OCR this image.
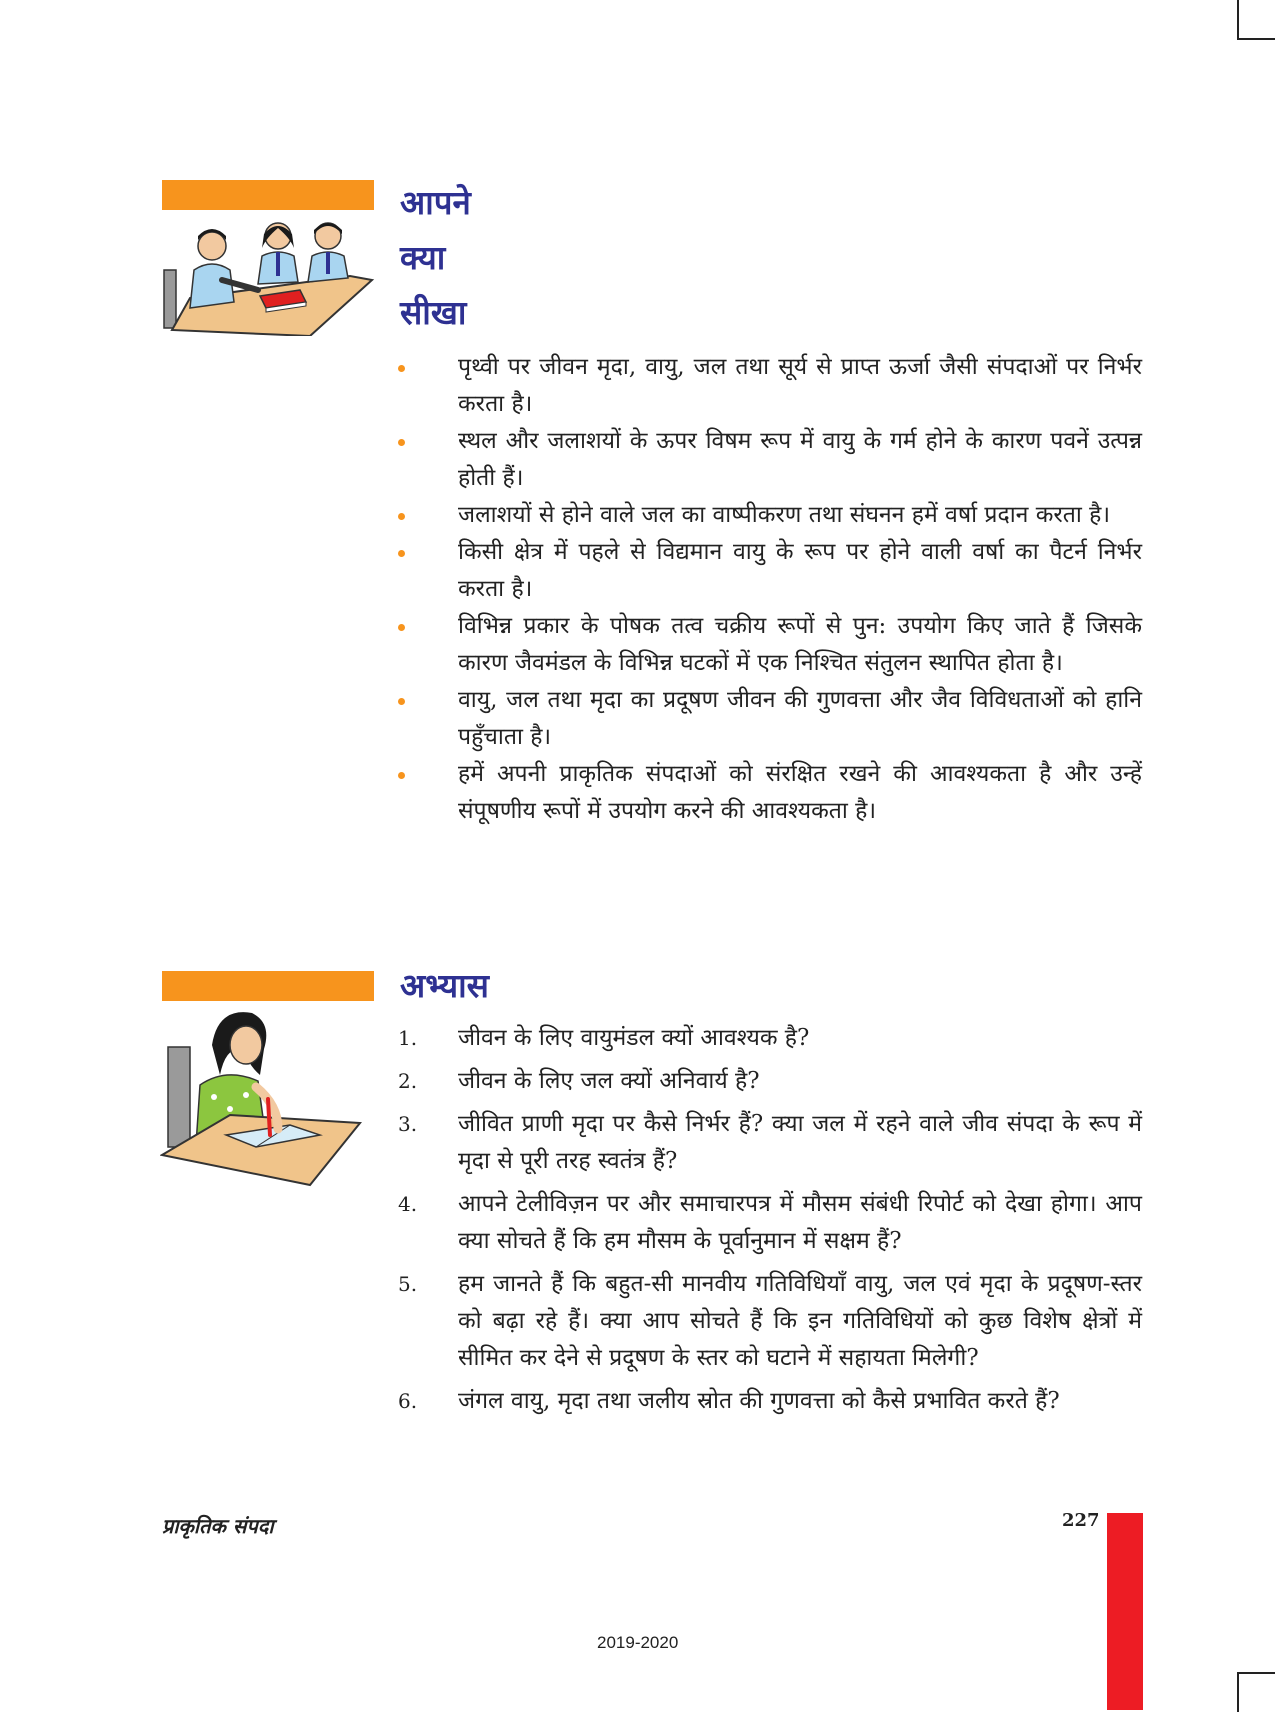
आपने
क्या
सीखा
पृथ्वी पर जीवन मृदा, वायु, जल तथा सूर्य से प्राप्त ऊर्जा जैसी संपदाओं पर निर्भर करता है।
स्थल और जलाशयों के ऊपर विषम रूप में वायु के गर्म होने के कारण पवनें उत्पन्न होती हैं।
जलाशयों से होने वाले जल का वाष्पीकरण तथा संघनन हमें वर्षा प्रदान करता है।
किसी क्षेत्र में पहले से विद्यमान वायु के रूप पर होने वाली वर्षा का पैटर्न निर्भर करता है।
विभिन्न प्रकार के पोषक तत्व चक्रीय रूपों से पुन: उपयोग किए जाते हैं जिसके कारण जैवमंडल के विभिन्न घटकों में एक निश्चित संतुलन स्थापित होता है।
वायु, जल तथा मृदा का प्रदूषण जीवन की गुणवत्ता और जैव विविधताओं को हानि पहुँचाता है।
हमें अपनी प्राकृतिक संपदाओं को संरक्षित रखने की आवश्यकता है और उन्हें संपूषणीय रूपों में उपयोग करने की आवश्यकता है।
अभ्यास
1. जीवन के लिए वायुमंडल क्यों आवश्यक है?
2. जीवन के लिए जल क्यों अनिवार्य है?
3. जीवित प्राणी मृदा पर कैसे निर्भर हैं? क्या जल में रहने वाले जीव संपदा के रूप में मृदा से पूरी तरह स्वतंत्र हैं?
4. आपने टेलीविज़न पर और समाचारपत्र में मौसम संबंधी रिपोर्ट को देखा होगा। आप क्या सोचते हैं कि हम मौसम के पूर्वानुमान में सक्षम हैं?
5. हम जानते हैं कि बहुत-सी मानवीय गतिविधियाँ वायु, जल एवं मृदा के प्रदूषण-स्तर को बढ़ा रहे हैं। क्या आप सोचते हैं कि इन गतिविधियों को कुछ विशेष क्षेत्रों में सीमित कर देने से प्रदूषण के स्तर को घटाने में सहायता मिलेगी?
6. जंगल वायु, मृदा तथा जलीय स्रोत की गुणवत्ता को कैसे प्रभावित करते हैं?
प्राकृतिक संपदा	227
2019-2020
